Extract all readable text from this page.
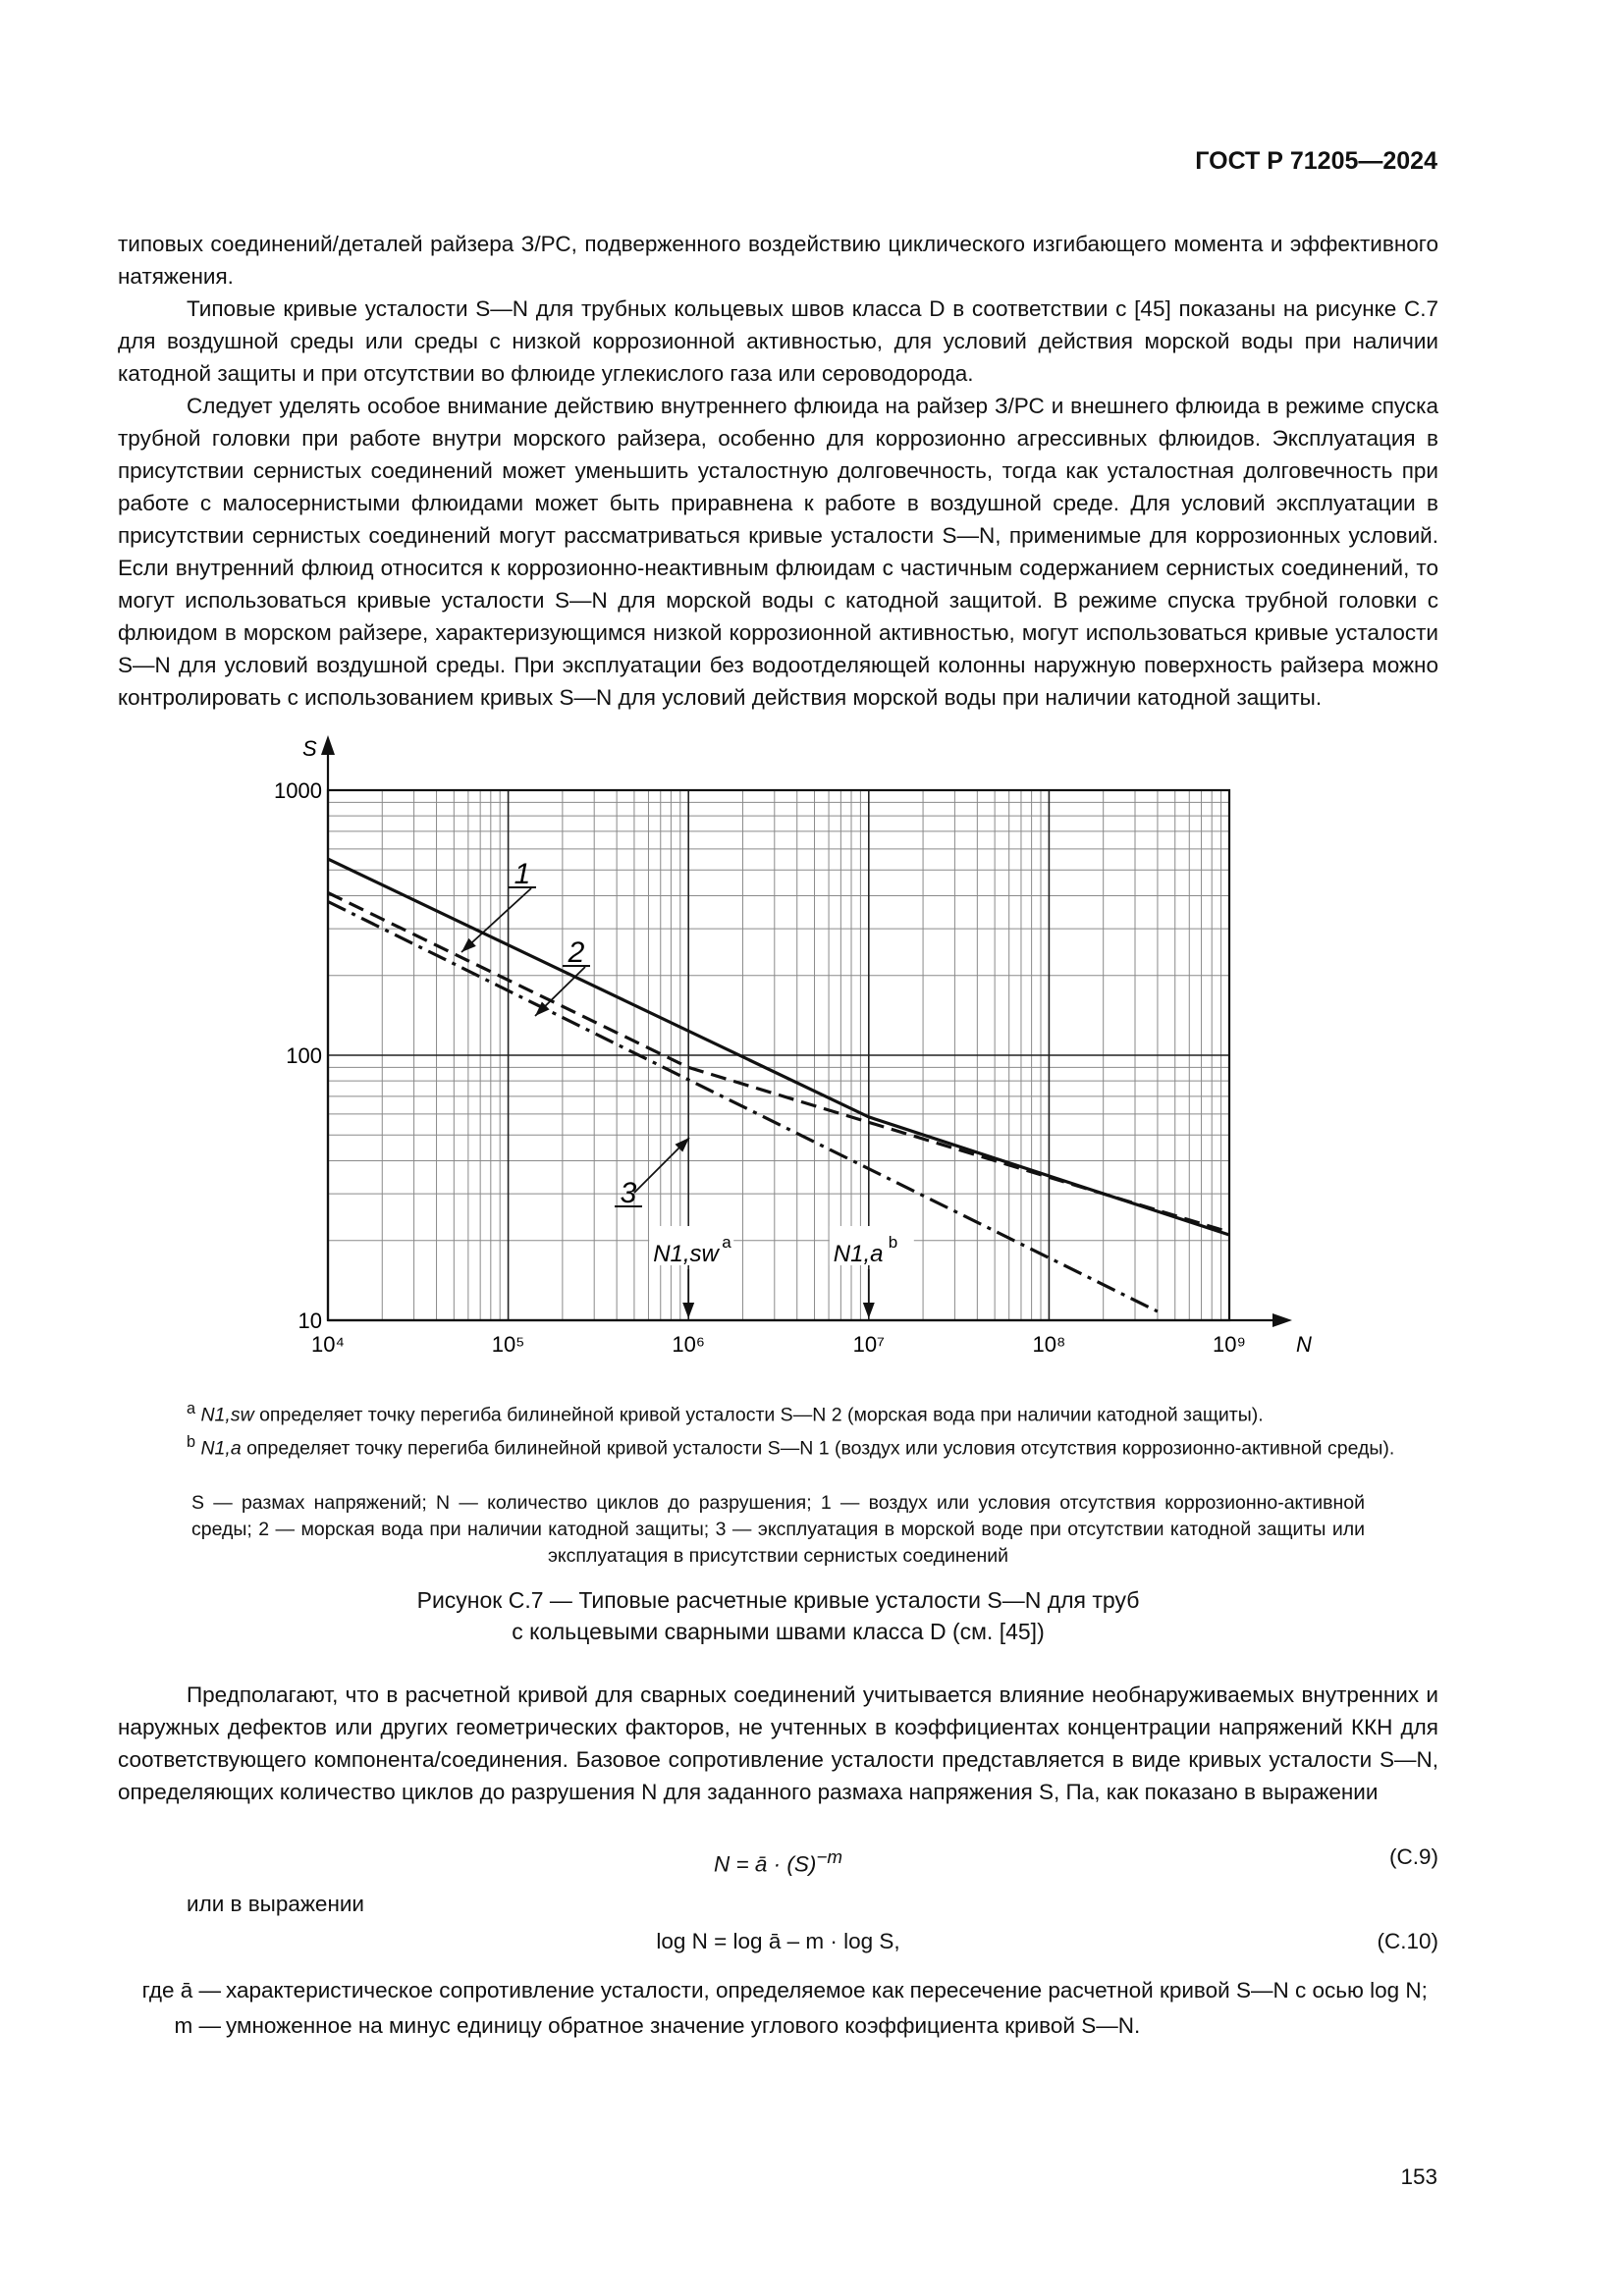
ГОСТ Р 71205—2024

типовых соединений/деталей райзера З/РС, подверженного воздействию циклического изгибающего момента и эффективного натяжения.

Типовые кривые усталости S—N для трубных кольцевых швов класса D в соответствии с [45] показаны на рисунке С.7 для воздушной среды или среды с низкой коррозионной активностью, для условий действия морской воды при наличии катодной защиты и при отсутствии во флюиде углекислого газа или сероводорода.

Следует уделять особое внимание действию внутреннего флюида на райзер З/РС и внешнего флюида в режиме спуска трубной головки при работе внутри морского райзера, особенно для коррозионно агрессивных флюидов. Эксплуатация в присутствии сернистых соединений может уменьшить усталостную долговечность, тогда как усталостная долговечность при работе с малосернистыми флюидами может быть приравнена к работе в воздушной среде. Для условий эксплуатации в присутствии сернистых соединений могут рассматриваться кривые усталости S—N, применимые для коррозионных условий. Если внутренний флюид относится к коррозионно-неактивным флюидам с частичным содержанием сернистых соединений, то могут использоваться кривые усталости S—N для морской воды с катодной защитой. В режиме спуска трубной головки с флюидом в морском райзере, характеризующимся низкой коррозионной активностью, могут использоваться кривые усталости S—N для условий воздушной среды. При эксплуатации без водоотделяющей колонны наружную поверхность райзера можно контролировать с использованием кривых S—N для условий действия морской воды при наличии катодной защиты.

S
N
10
100
1000
10⁴	10⁵	10⁶	10⁷	10⁸	10⁹
1
2
3
N1,sw a	N1,a b
$^a$ N1,sw определяет точку перегиба билинейной кривой усталости S—N 2 (морская вода при наличии катодной защиты).
$^b$ N1,a определяет точку перегиба билинейной кривой усталости S—N 1 (воздух или условия отсутствия коррозионно-активной среды).
S — размах напряжений; N — количество циклов до разрушения; 1 — воздух или условия отсутствия коррозионно-активной среды; 2 — морская вода при наличии катодной защиты; 3 — эксплуатация в морской воде при отсутствии катодной защиты или эксплуатация в присутствии сернистых соединений
Рисунок С.7 — Типовые расчетные кривые усталости S—N для труб
с кольцевыми сварными швами класса D (см. [45])

Предполагают, что в расчетной кривой для сварных соединений учитывается влияние необнаруживаемых внутренних и наружных дефектов или других геометрических факторов, не учтенных в коэффициентах концентрации напряжений ККН для соответствующего компонента/соединения. Базовое сопротивление усталости представляется в виде кривых усталости S—N, определяющих количество циклов до разрушения N для заданного размаха напряжения S, Па, как показано в выражении

N = ā · $(S)^{-m}$	(С.9)
или в выражении
log N = log ā – m · log S,	(С.10)
где ā — характеристическое сопротивление усталости, определяемое как пересечение расчетной кривой S—N с осью log N;
m — умноженное на минус единицу обратное значение углового коэффициента кривой S—N.
153
